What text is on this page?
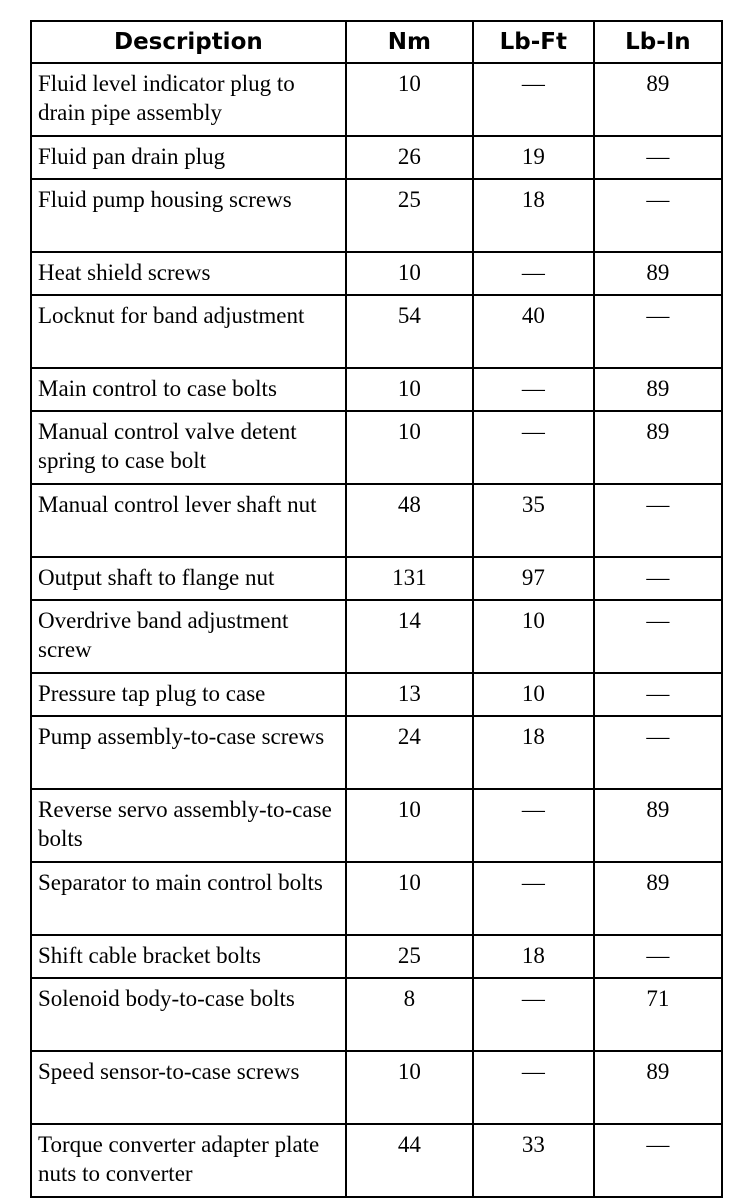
Description	Nm	Lb-Ft	Lb-In
Fluid level indicator plug to drain pipe assembly	10	—	89
Fluid pan drain plug	26	19	—
Fluid pump housing screws	25	18	—
Heat shield screws	10	—	89
Locknut for band adjustment	54	40	—
Main control to case bolts	10	—	89
Manual control valve detent spring to case bolt	10	—	89
Manual control lever shaft nut	48	35	—
Output shaft to flange nut	131	97	—
Overdrive band adjustment screw	14	10	—
Pressure tap plug to case	13	10	—
Pump assembly-to-case screws	24	18	—
Reverse servo assembly-to-case bolts	10	—	89
Separator to main control bolts	10	—	89
Shift cable bracket bolts	25	18	—
Solenoid body-to-case bolts	8	—	71
Speed sensor-to-case screws	10	—	89
Torque converter adapter plate nuts to converter	44	33	—
